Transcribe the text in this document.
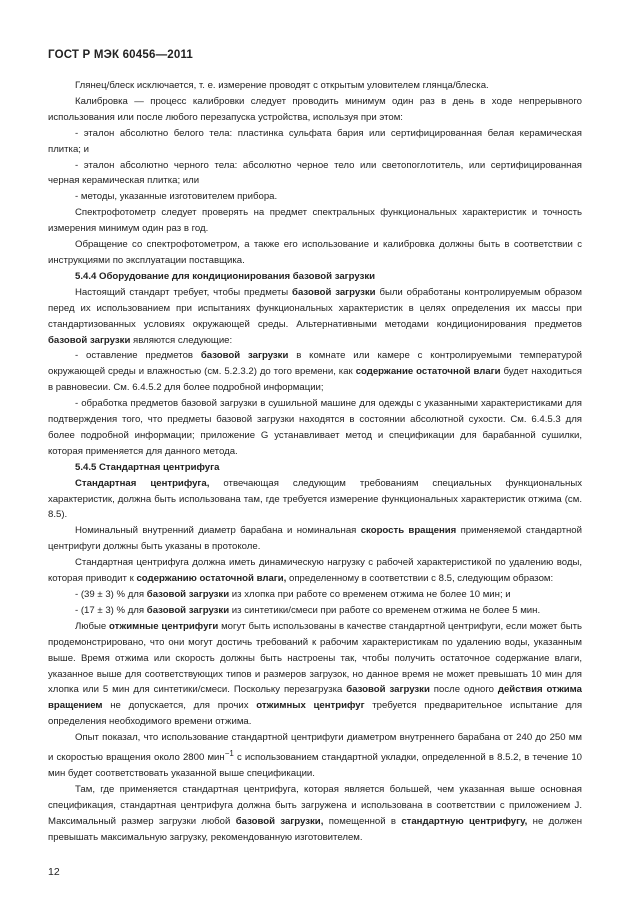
ГОСТ Р МЭК 60456—2011

Глянец/блеск исключается, т. е. измерение проводят с открытым уловителем глянца/блеска.

Калибровка — процесс калибровки следует проводить минимум один раз в день в ходе непрерывного использования или после любого перезапуска устройства, используя при этом:

- эталон абсолютно белого тела: пластинка сульфата бария или сертифицированная белая керамическая плитка; и

- эталон абсолютно черного тела: абсолютно черное тело или светопоглотитель, или сертифицированная черная керамическая плитка; или

- методы, указанные изготовителем прибора.

Спектрофотометр следует проверять на предмет спектральных функциональных характеристик и точность измерения минимум один раз в год.

Обращение со спектрофотометром, а также его использование и калибровка должны быть в соответствии с инструкциями по эксплуатации поставщика.

5.4.4 Оборудование для кондиционирования базовой загрузки

Настоящий стандарт требует, чтобы предметы базовой загрузки были обработаны контролируемым образом перед их использованием при испытаниях функциональных характеристик в целях определения их массы при стандартизованных условиях окружающей среды. Альтернативными методами кондиционирования предметов базовой загрузки являются следующие:

- оставление предметов базовой загрузки в комнате или камере с контролируемыми температурой окружающей среды и влажностью (см. 5.2.3.2) до того времени, как содержание остаточной влаги будет находиться в равновесии. См. 6.4.5.2 для более подробной информации;

- обработка предметов базовой загрузки в сушильной машине для одежды с указанными характеристиками для подтверждения того, что предметы базовой загрузки находятся в состоянии абсолютной сухости. См. 6.4.5.3 для более подробной информации; приложение G устанавливает метод и спецификации для барабанной сушилки, которая применяется для данного метода.

5.4.5 Стандартная центрифуга

Стандартная центрифуга, отвечающая следующим требованиям специальных функциональных характеристик, должна быть использована там, где требуется измерение функциональных характеристик отжима (см. 8.5).

Номинальный внутренний диаметр барабана и номинальная скорость вращения применяемой стандартной центрифуги должны быть указаны в протоколе.

Стандартная центрифуга должна иметь динамическую нагрузку с рабочей характеристикой по удалению воды, которая приводит к содержанию остаточной влаги, определенному в соответствии с 8.5, следующим образом:

- (39 ± 3) % для базовой загрузки из хлопка при работе со временем отжима не более 10 мин; и

- (17 ± 3) % для базовой загрузки из синтетики/смеси при работе со временем отжима не более 5 мин.

Любые отжимные центрифуги могут быть использованы в качестве стандартной центрифуги, если может быть продемонстрировано, что они могут достичь требований к рабочим характеристикам по удалению воды, указанным выше. Время отжима или скорость должны быть настроены так, чтобы получить остаточное содержание влаги, указанное выше для соответствующих типов и размеров загрузок, но данное время не может превышать 10 мин для хлопка или 5 мин для синтетики/смеси. Поскольку перезагрузка базовой загрузки после одного действия отжима вращением не допускается, для прочих отжимных центрифуг требуется предварительное испытание для определения необходимого времени отжима.

Опыт показал, что использование стандартной центрифуги диаметром внутреннего барабана от 240 до 250 мм и скоростью вращения около 2800 мин$^{-1}$ с использованием стандартной укладки, определенной в 8.5.2, в течение 10 мин будет соответствовать указанной выше спецификации.

Там, где применяется стандартная центрифуга, которая является большей, чем указанная выше основная спецификация, стандартная центрифуга должна быть загружена и использована в соответствии с приложением J. Максимальный размер загрузки любой базовой загрузки, помещенной в стандартную центрифугу, не должен превышать максимальную загрузку, рекомендованную изготовителем.

12
